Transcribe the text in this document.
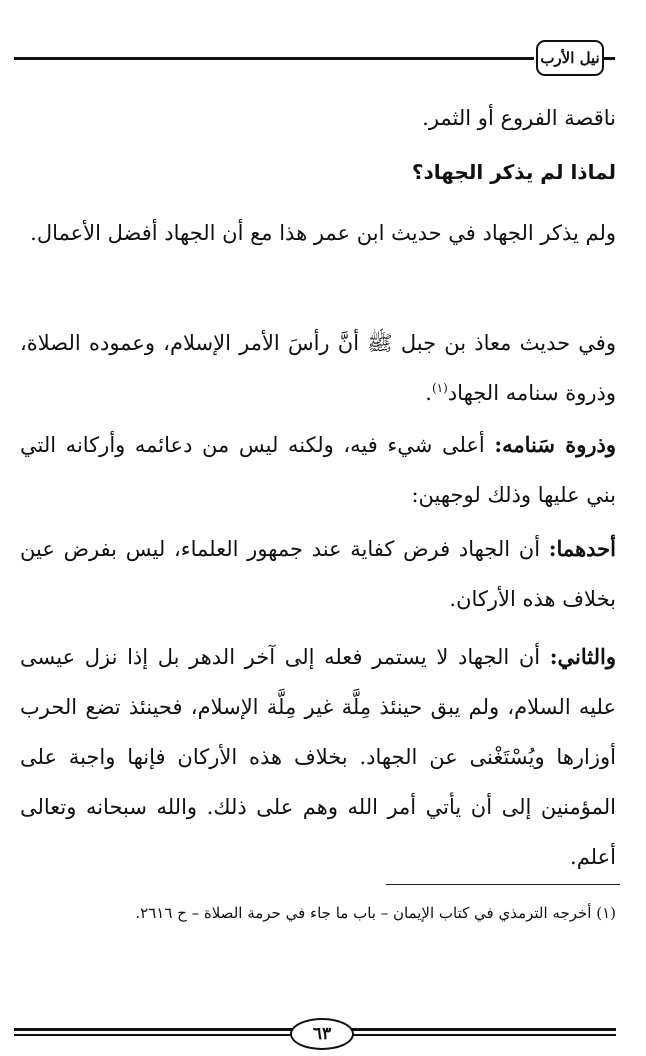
نيل الأرب
ناقصة الفروع أو الثمر.
لماذا لم يذكر الجهاد؟
ولم يذكر الجهاد في حديث ابن عمر هذا مع أن الجهاد أفضل الأعمال.
وفي حديث معاذ بن جبل ﷺ أنَّ رأسَ الأمر الإسلام، وعموده الصلاة، وذروة سنامه الجهاد$^{(١)}$.
وذروة سَنامه: أعلى شيء فيه، ولكنه ليس من دعائمه وأركانه التي بني عليها وذلك لوجهين:
أحدهما: أن الجهاد فرض كفاية عند جمهور العلماء، ليس بفرض عين بخلاف هذه الأركان.
والثاني: أن الجهاد لا يستمر فعله إلى آخر الدهر بل إذا نزل عيسى عليه السلام، ولم يبق حينئذ مِلَّة غير مِلَّة الإسلام، فحينئذ تضع الحرب أوزارها ويُسْتَغْنى عن الجهاد. بخلاف هذه الأركان فإنها واجبة على المؤمنين إلى أن يأتي أمر الله وهم على ذلك. والله سبحانه وتعالى أعلم.
(١) أخرجه الترمذي في كتاب الإيمان – باب ما جاء في حرمة الصلاة – ح ٢٦١٦.
٦٣
